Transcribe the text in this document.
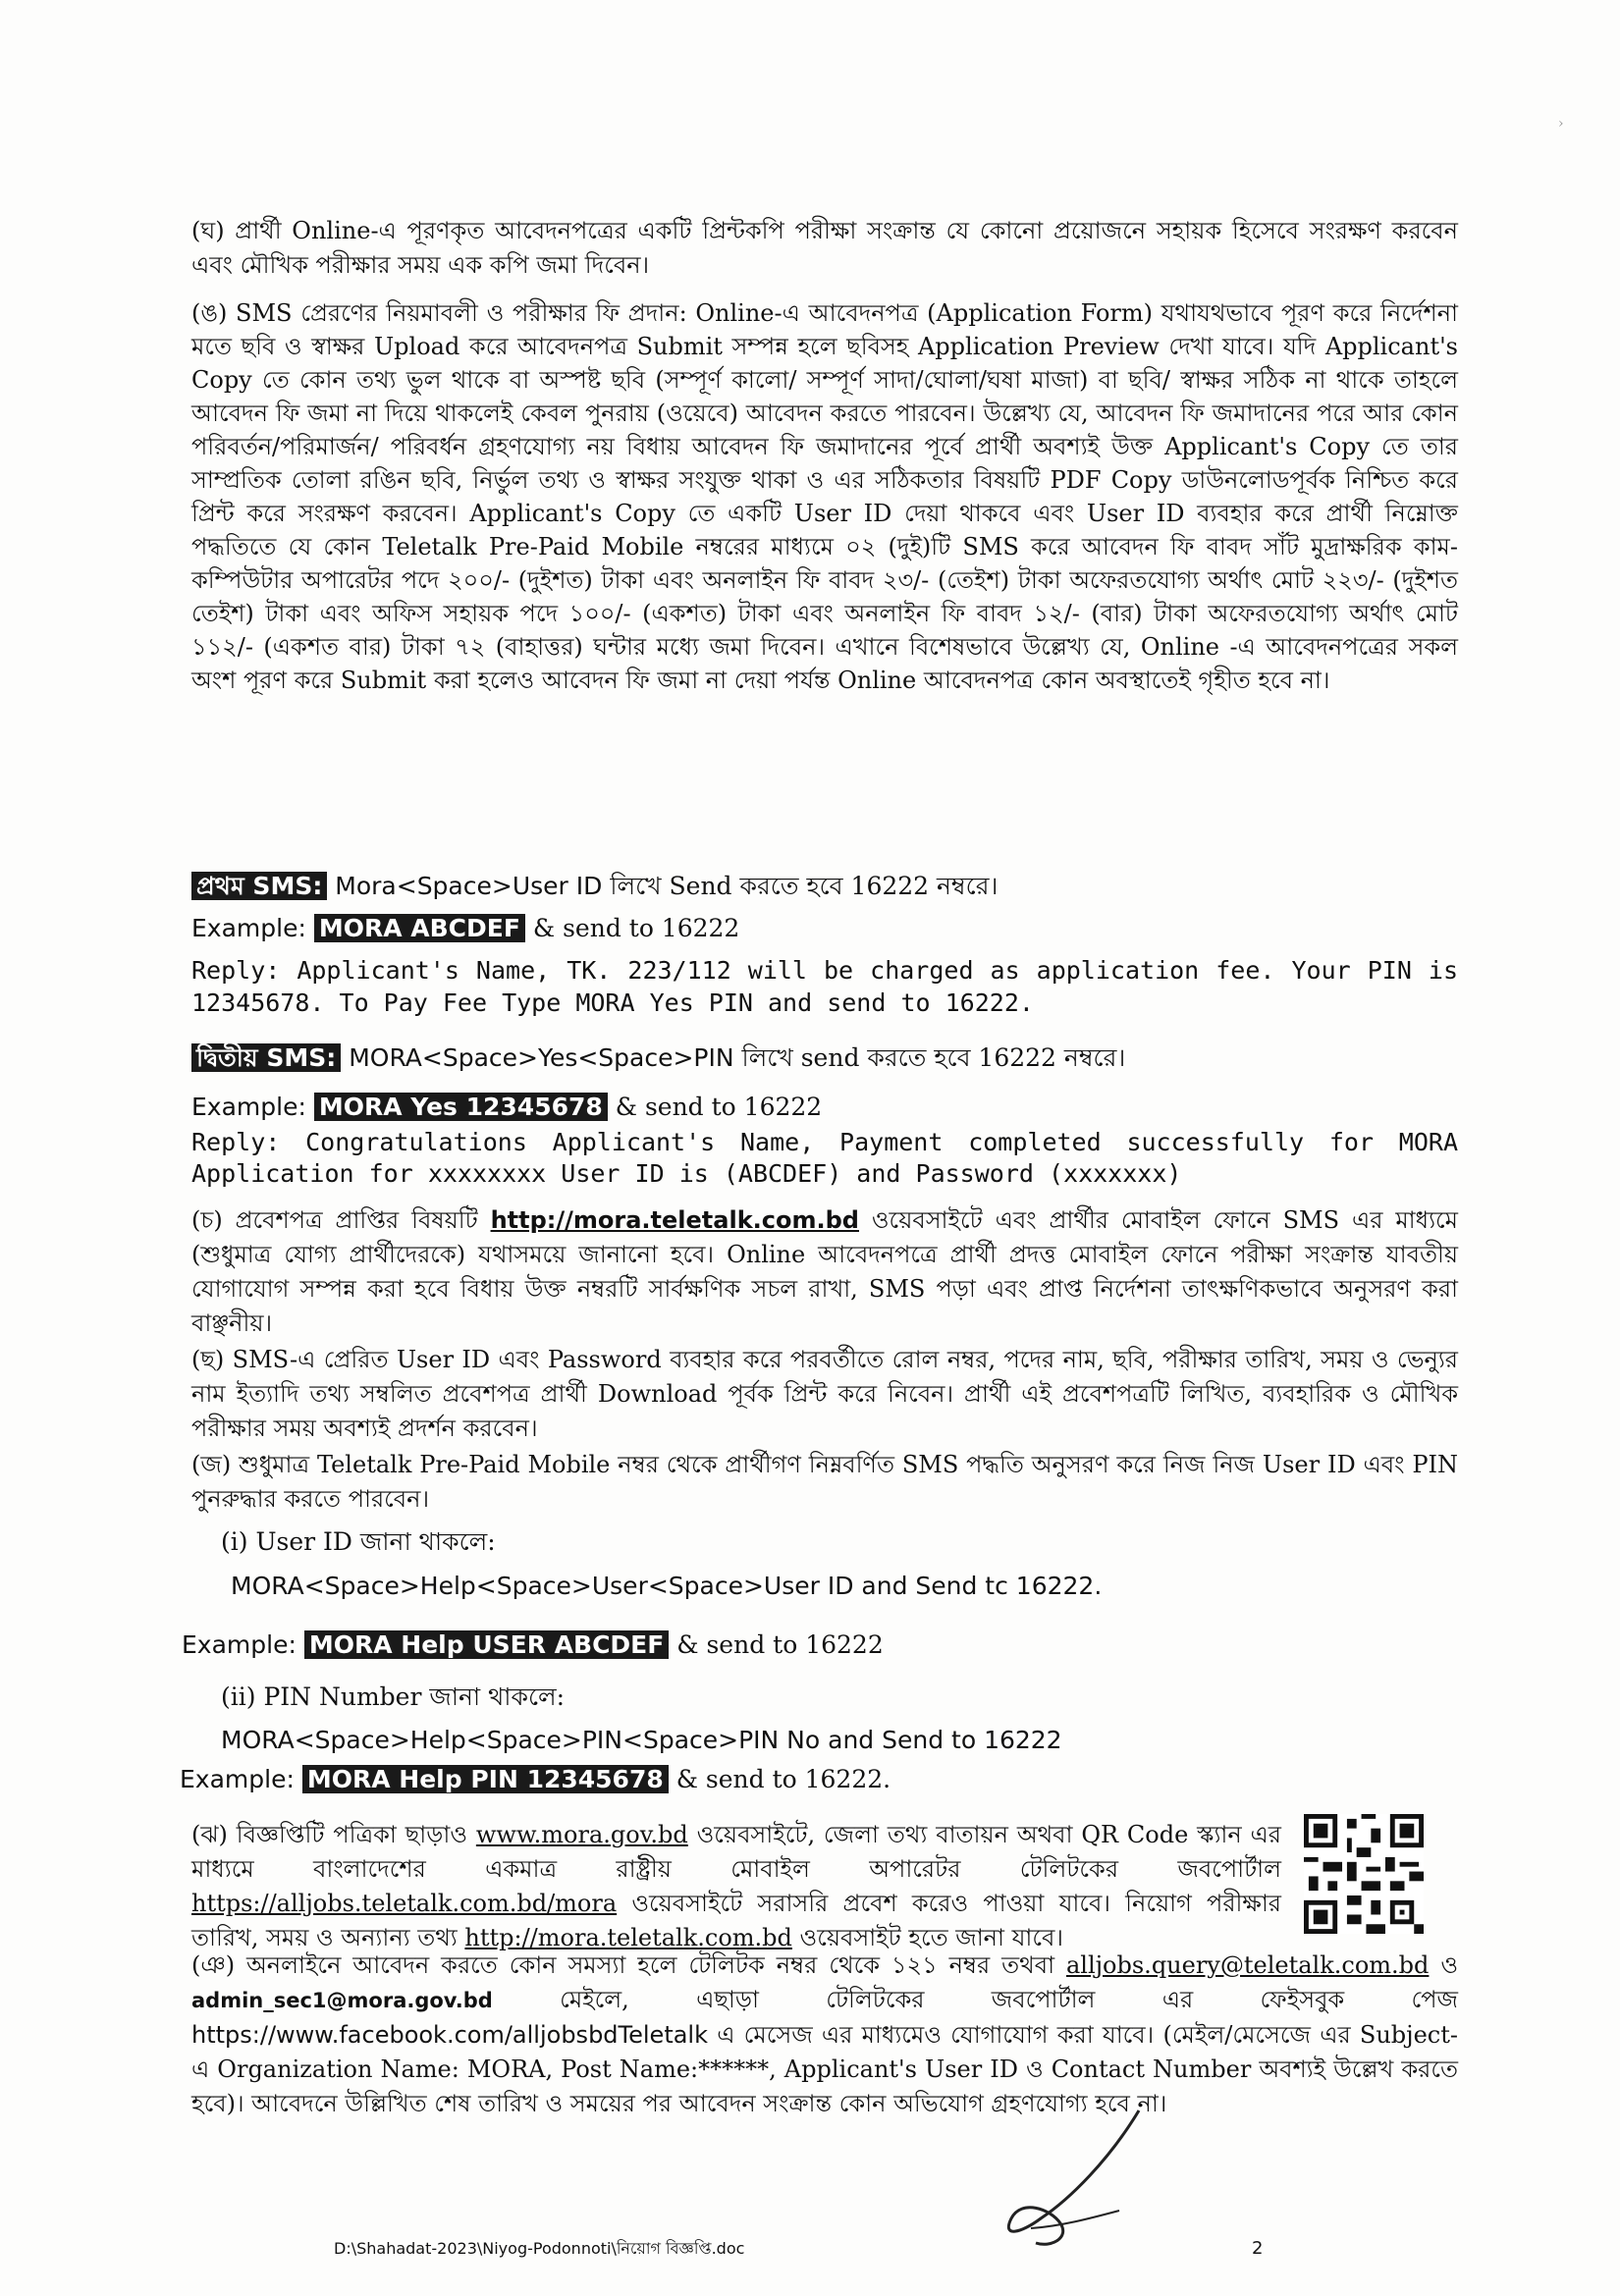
›

(ঘ) প্রার্থী Online-এ পূরণকৃত আবেদনপত্রের একটি প্রিন্টকপি পরীক্ষা সংক্রান্ত যে কোনো প্রয়োজনে সহায়ক হিসেবে সংরক্ষণ করবেন এবং মৌখিক পরীক্ষার সময় এক কপি জমা দিবেন।

(ঙ) SMS প্রেরণের নিয়মাবলী ও পরীক্ষার ফি প্রদান: Online-এ আবেদনপত্র (Application Form) যথাযথভাবে পূরণ করে নির্দেশনা মতে ছবি ও স্বাক্ষর Upload করে আবেদনপত্র Submit সম্পন্ন হলে ছবিসহ Application Preview দেখা যাবে। যদি Applicant's Copy তে কোন তথ্য ভুল থাকে বা অস্পষ্ট ছবি (সম্পূর্ণ কালো/ সম্পূর্ণ সাদা/ঘোলা/ঘষা মাজা) বা ছবি/ স্বাক্ষর সঠিক না থাকে তাহলে আবেদন ফি জমা না দিয়ে থাকলেই কেবল পুনরায় (ওয়েবে) আবেদন করতে পারবেন। উল্লেখ্য যে, আবেদন ফি জমাদানের পরে আর কোন পরিবর্তন/পরিমার্জন/ পরিবর্ধন গ্রহণযোগ্য নয় বিধায় আবেদন ফি জমাদানের পূর্বে প্রার্থী অবশ্যই উক্ত Applicant's Copy তে তার সাম্প্রতিক তোলা রঙিন ছবি, নির্ভুল তথ্য ও স্বাক্ষর সংযুক্ত থাকা ও এর সঠিকতার বিষয়টি PDF Copy ডাউনলোডপূর্বক নিশ্চিত করে প্রিন্ট করে সংরক্ষণ করবেন। Applicant's Copy তে একটি User ID দেয়া থাকবে এবং User ID ব্যবহার করে প্রার্থী নিম্নোক্ত পদ্ধতিতে যে কোন Teletalk Pre-Paid Mobile নম্বরের মাধ্যমে ০২ (দুই)টি SMS করে আবেদন ফি বাবদ সাঁট মুদ্রাক্ষরিক কাম-কম্পিউটার অপারেটর পদে ২০০/- (দুইশত) টাকা এবং অনলাইন ফি বাবদ ২৩/- (তেইশ) টাকা অফেরতযোগ্য অর্থাৎ মোট ২২৩/- (দুইশত তেইশ) টাকা এবং অফিস সহায়ক পদে ১০০/- (একশত) টাকা এবং অনলাইন ফি বাবদ ১২/- (বার) টাকা অফেরতযোগ্য অর্থাৎ মোট ১১২/- (একশত বার) টাকা ৭২ (বাহাত্তর) ঘন্টার মধ্যে জমা দিবেন। এখানে বিশেষভাবে উল্লেখ্য যে, Online -এ আবেদনপত্রের সকল অংশ পূরণ করে Submit করা হলেও আবেদন ফি জমা না দেয়া পর্যন্ত Online আবেদনপত্র কোন অবস্থাতেই গৃহীত হবে না।

প্রথম SMS: Mora<Space>User ID লিখে Send করতে হবে 16222 নম্বরে।
Example: MORA ABCDEF & send to 16222

Reply: Applicant's Name, TK. 223/112 will be charged as application fee. Your PIN is 12345678. To Pay Fee Type MORA Yes PIN and send to 16222.

দ্বিতীয় SMS: MORA<Space>Yes<Space>PIN লিখে send করতে হবে 16222 নম্বরে।
Example: MORA Yes 12345678 & send to 16222

Reply: Congratulations Applicant's Name, Payment completed successfully for MORA Application for xxxxxxxx User ID is (ABCDEF) and Password (xxxxxxx)

(চ) প্রবেশপত্র প্রাপ্তির বিষয়টি http://mora.teletalk.com.bd ওয়েবসাইটে এবং প্রার্থীর মোবাইল ফোনে SMS এর মাধ্যমে (শুধুমাত্র যোগ্য প্রার্থীদেরকে) যথাসময়ে জানানো হবে। Online আবেদনপত্রে প্রার্থী প্রদত্ত মোবাইল ফোনে পরীক্ষা সংক্রান্ত যাবতীয় যোগাযোগ সম্পন্ন করা হবে বিধায় উক্ত নম্বরটি সার্বক্ষণিক সচল রাখা, SMS পড়া এবং প্রাপ্ত নির্দেশনা তাৎক্ষণিকভাবে অনুসরণ করা বাঞ্ছনীয়।

(ছ) SMS-এ প্রেরিত User ID এবং Password ব্যবহার করে পরবর্তীতে রোল নম্বর, পদের নাম, ছবি, পরীক্ষার তারিখ, সময় ও ভেন্যুর নাম ইত্যাদি তথ্য সম্বলিত প্রবেশপত্র প্রার্থী Download পূর্বক প্রিন্ট করে নিবেন। প্রার্থী এই প্রবেশপত্রটি লিখিত, ব্যবহারিক ও মৌখিক পরীক্ষার সময় অবশ্যই প্রদর্শন করবেন।

(জ) শুধুমাত্র Teletalk Pre-Paid Mobile নম্বর থেকে প্রার্থীগণ নিম্নবর্ণিত SMS পদ্ধতি অনুসরণ করে নিজ নিজ User ID এবং PIN পুনরুদ্ধার করতে পারবেন।

(i) User ID জানা থাকলে:
MORA<Space>Help<Space>User<Space>User ID and Send tc 16222.
Example: MORA Help USER ABCDEF & send to 16222
(ii) PIN Number জানা থাকলে:
MORA<Space>Help<Space>PIN<Space>PIN No and Send to 16222
Example: MORA Help PIN 12345678 & send to 16222.

(ঝ) বিজ্ঞপ্তিটি পত্রিকা ছাড়াও www.mora.gov.bd ওয়েবসাইটে, জেলা তথ্য বাতায়ন অথবা QR Code স্ক্যান এর মাধ্যমে বাংলাদেশের একমাত্র রাষ্ট্রীয় মোবাইল অপারেটর টেলিটকের জবপোর্টাল https://alljobs.teletalk.com.bd/mora ওয়েবসাইটে সরাসরি প্রবেশ করেও পাওয়া যাবে। নিয়োগ পরীক্ষার তারিখ, সময় ও অন্যান্য তথ্য http://mora.teletalk.com.bd ওয়েবসাইট হতে জানা যাবে।

(ঞ) অনলাইনে আবেদন করতে কোন সমস্যা হলে টেলিটক নম্বর থেকে ১২১ নম্বর তথবা alljobs.query@teletalk.com.bd ও admin_sec1@mora.gov.bd মেইলে, এছাড়া টেলিটকের জবপোর্টাল এর ফেইসবুক পেজ https://www.facebook.com/alljobsbdTeletalk এ মেসেজ এর মাধ্যমেও যোগাযোগ করা যাবে। (মেইল/মেসেজে এর Subject-এ Organization Name: MORA, Post Name:******, Applicant's User ID ও Contact Number অবশ্যই উল্লেখ করতে হবে)। আবেদনে উল্লিখিত শেষ তারিখ ও সময়ের পর আবেদন সংক্রান্ত কোন অভিযোগ গ্রহণযোগ্য হবে না।

D:\Shahadat-2023\Niyog-Podonnoti\নিয়োগ বিজ্ঞপ্তি.doc	2
